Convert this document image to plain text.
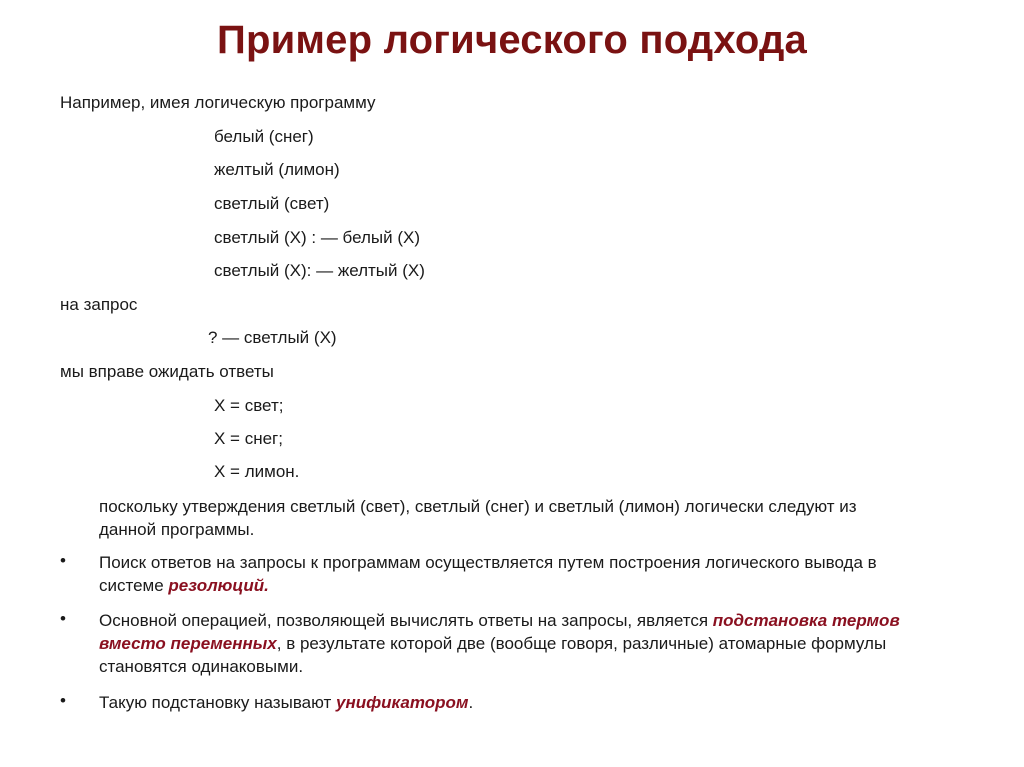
Пример логического подхода
Например, имея логическую программу
белый (снег)
желтый (лимон)
светлый (свет)
светлый (X) : — белый (X)
светлый (X): — желтый (X)
на запрос
? — светлый (X)
мы вправе ожидать ответы
X = свет;
X = снег;
X = лимон.
поскольку утверждения светлый (свет), светлый (снег) и светлый (лимон) логически следуют из данной программы.
• Поиск ответов на запросы к программам осуществляется путем построения логического вывода в системе резолюций.
• Основной операцией, позволяющей вычислять ответы на запросы, является подстановка термов вместо переменных, в результате которой две (вообще говоря, различные) атомарные формулы становятся одинаковыми.
• Такую подстановку называют унификатором.
